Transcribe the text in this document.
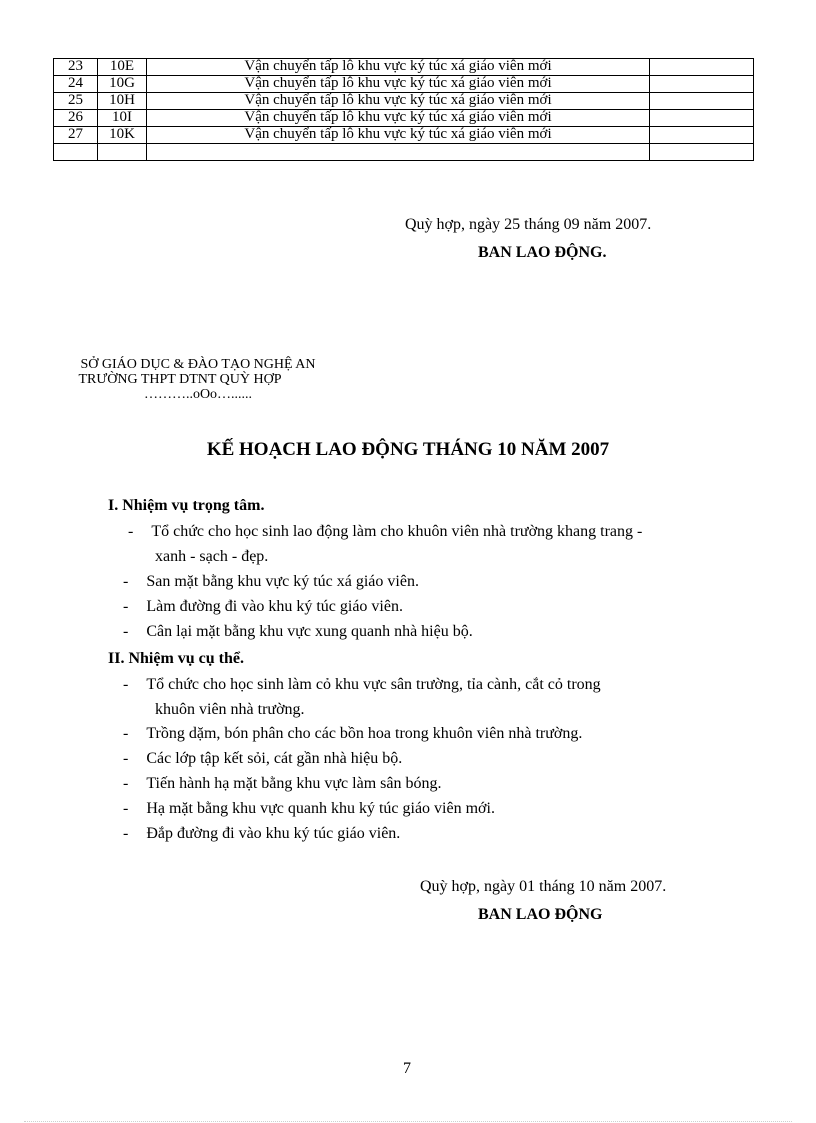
23	10E	Vận chuyển tấp lô khu vực ký túc xá giáo viên mới	
24	10G	Vận chuyển tấp lô khu vực ký túc xá giáo viên mới	
25	10H	Vận chuyển tấp lô khu vực ký túc xá giáo viên mới	
26	10I	Vận chuyển tấp lô khu vực ký túc xá giáo viên mới	
27	10K	Vận chuyển tấp lô khu vực ký túc xá giáo viên mới	

Quỳ hợp, ngày 25 tháng 09 năm 2007.
BAN LAO ĐỘNG.
SỞ GIÁO DỤC & ĐÀO TẠO NGHỆ AN
TRƯỜNG THPT DTNT QUỲ HỢP
………..oOo…......
KẾ HOẠCH LAO ĐỘNG THÁNG 10 NĂM 2007
I. Nhiệm vụ trọng tâm.
- Tổ chức cho học sinh lao động làm cho khuôn viên nhà trường khang trang -
xanh - sạch - đẹp.
- San mặt bằng khu vực ký túc xá giáo viên.
- Làm đường đi vào khu ký túc giáo viên.
- Cân lại mặt bằng khu vực xung quanh nhà hiệu bộ.
II. Nhiệm vụ cụ thể.
- Tổ chức cho học sinh làm cỏ khu vực sân trường, tỉa cành, cắt cỏ trong
khuôn viên nhà trường.
- Trồng dặm, bón phân cho các bồn hoa trong khuôn viên nhà trường.
- Các lớp tập kết sỏi, cát gần nhà hiệu bộ.
- Tiến hành hạ mặt bằng khu vực làm sân bóng.
- Hạ mặt bằng khu vực quanh khu ký túc giáo viên mới.
- Đắp đường đi vào khu ký túc giáo viên.
Quỳ hợp, ngày 01 tháng 10 năm 2007.
BAN LAO ĐỘNG
7
